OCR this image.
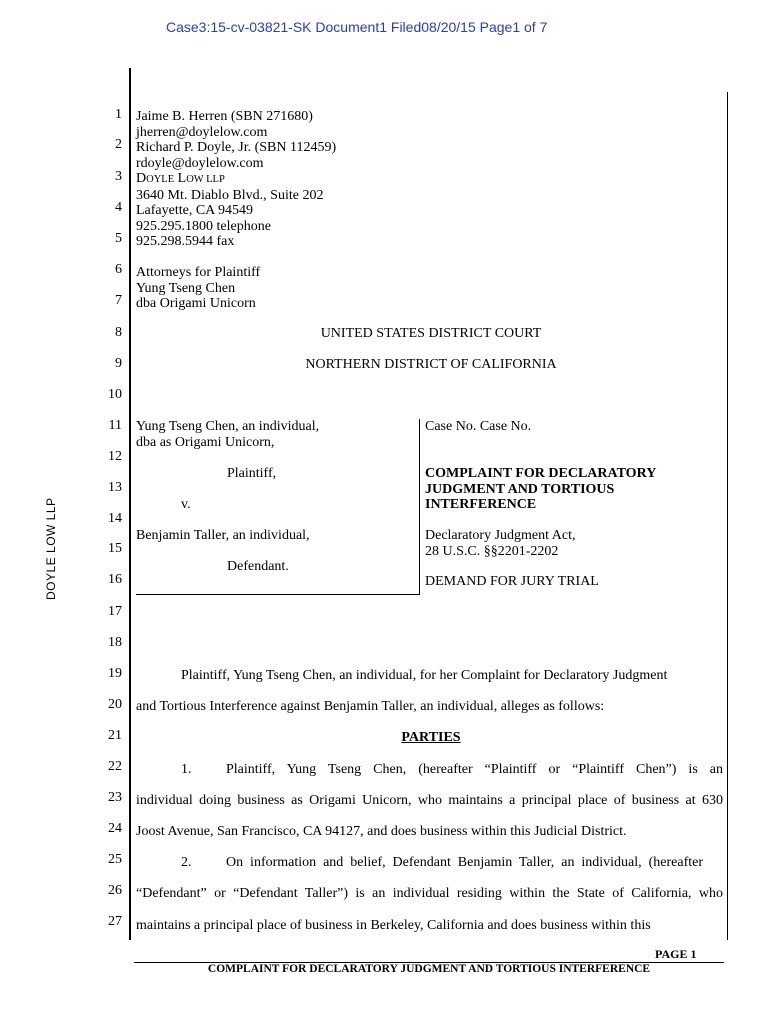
Case3:15-cv-03821-SK Document1 Filed08/20/15 Page1 of 7
DOYLE LOW LLP
1
2
3
4
5
6
7
8
9
10
11
12
13
14
15
16
17
18
19
20
21
22
23
24
25
26
27
Jaime B. Herren (SBN 271680)
jherren@doylelow.com
Richard P. Doyle, Jr. (SBN 112459)
rdoyle@doylelow.com
DOYLE LOW LLP
3640 Mt. Diablo Blvd., Suite 202
Lafayette, CA 94549
925.295.1800 telephone
925.298.5944 fax
Attorneys for Plaintiff
Yung Tseng Chen
dba Origami Unicorn
UNITED STATES DISTRICT COURT
NORTHERN DISTRICT OF CALIFORNIA
Yung Tseng Chen, an individual,
dba as Origami Unicorn,
Plaintiff,
v.
Benjamin Taller, an individual,
Defendant.
Case No. Case No.
COMPLAINT FOR DECLARATORY
JUDGMENT AND TORTIOUS
INTERFERENCE
Declaratory Judgment Act,
28 U.S.C. §§2201-2202
DEMAND FOR JURY TRIAL
Plaintiff, Yung Tseng Chen, an individual, for her Complaint for Declaratory Judgment
and Tortious Interference against Benjamin Taller, an individual, alleges as follows:
PARTIES
1. Plaintiff, Yung Tseng Chen, (hereafter “Plaintiff or “Plaintiff Chen”) is an
individual doing business as Origami Unicorn, who maintains a principal place of business at 630
Joost Avenue, San Francisco, CA 94127, and does business within this Judicial District.
2. On information and belief, Defendant Benjamin Taller, an individual, (hereafter
“Defendant” or “Defendant Taller”) is an individual residing within the State of California, who
maintains a principal place of business in Berkeley, California and does business within this
PAGE 1
COMPLAINT FOR DECLARATORY JUDGMENT AND TORTIOUS INTERFERENCE
